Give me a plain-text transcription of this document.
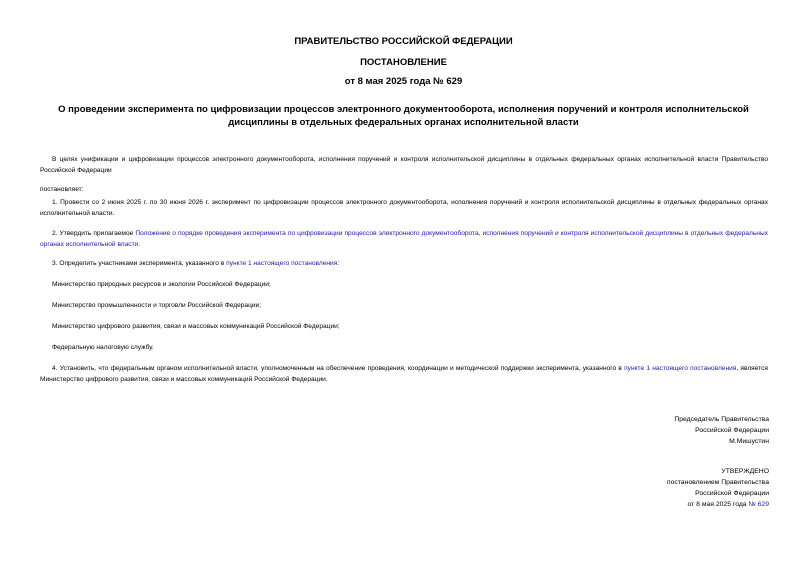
ПРАВИТЕЛЬСТВО РОССИЙСКОЙ ФЕДЕРАЦИИ
ПОСТАНОВЛЕНИЕ
от 8 мая 2025 года № 629
О проведении эксперимента по цифровизации процессов электронного документооборота, исполнения поручений и контроля исполнительской дисциплины в отдельных федеральных органах исполнительной власти
В целях унификации и цифровизации процессов электронного документооборота, исполнения поручений и контроля исполнительской дисциплины в отдельных федеральных органах исполнительной власти Правительство Российской Федерации
постановляет:
1. Провести со 2 июня 2025 г. по 30 июня 2026 г. эксперимент по цифровизации процессов электронного документооборота, исполнения поручений и контроля исполнительской дисциплины в отдельных федеральных органах исполнительной власти.
2. Утвердить прилагаемое Положение о порядке проведения эксперимента по цифровизации процессов электронного документооборота, исполнения поручений и контроля исполнительской дисциплины в отдельных федеральных органах исполнительной власти.
3. Определить участниками эксперимента, указанного в пункте 1 настоящего постановления:
Министерство природных ресурсов и экологии Российской Федерации;
Министерство промышленности и торговли Российской Федерации;
Министерство цифрового развития, связи и массовых коммуникаций Российской Федерации;
Федеральную налоговую службу.
4. Установить, что федеральным органом исполнительной власти, уполномоченным на обеспечение проведения, координации и методической поддержки эксперимента, указанного в пункте 1 настоящего постановления, является Министерство цифрового развития, связи и массовых коммуникаций Российской Федерации.
Председатель Правительства
Российской Федерации
М.Мишустин
УТВЕРЖДЕНО
постановлением Правительства
Российской Федерации
от 8 мая 2025 года № 629
